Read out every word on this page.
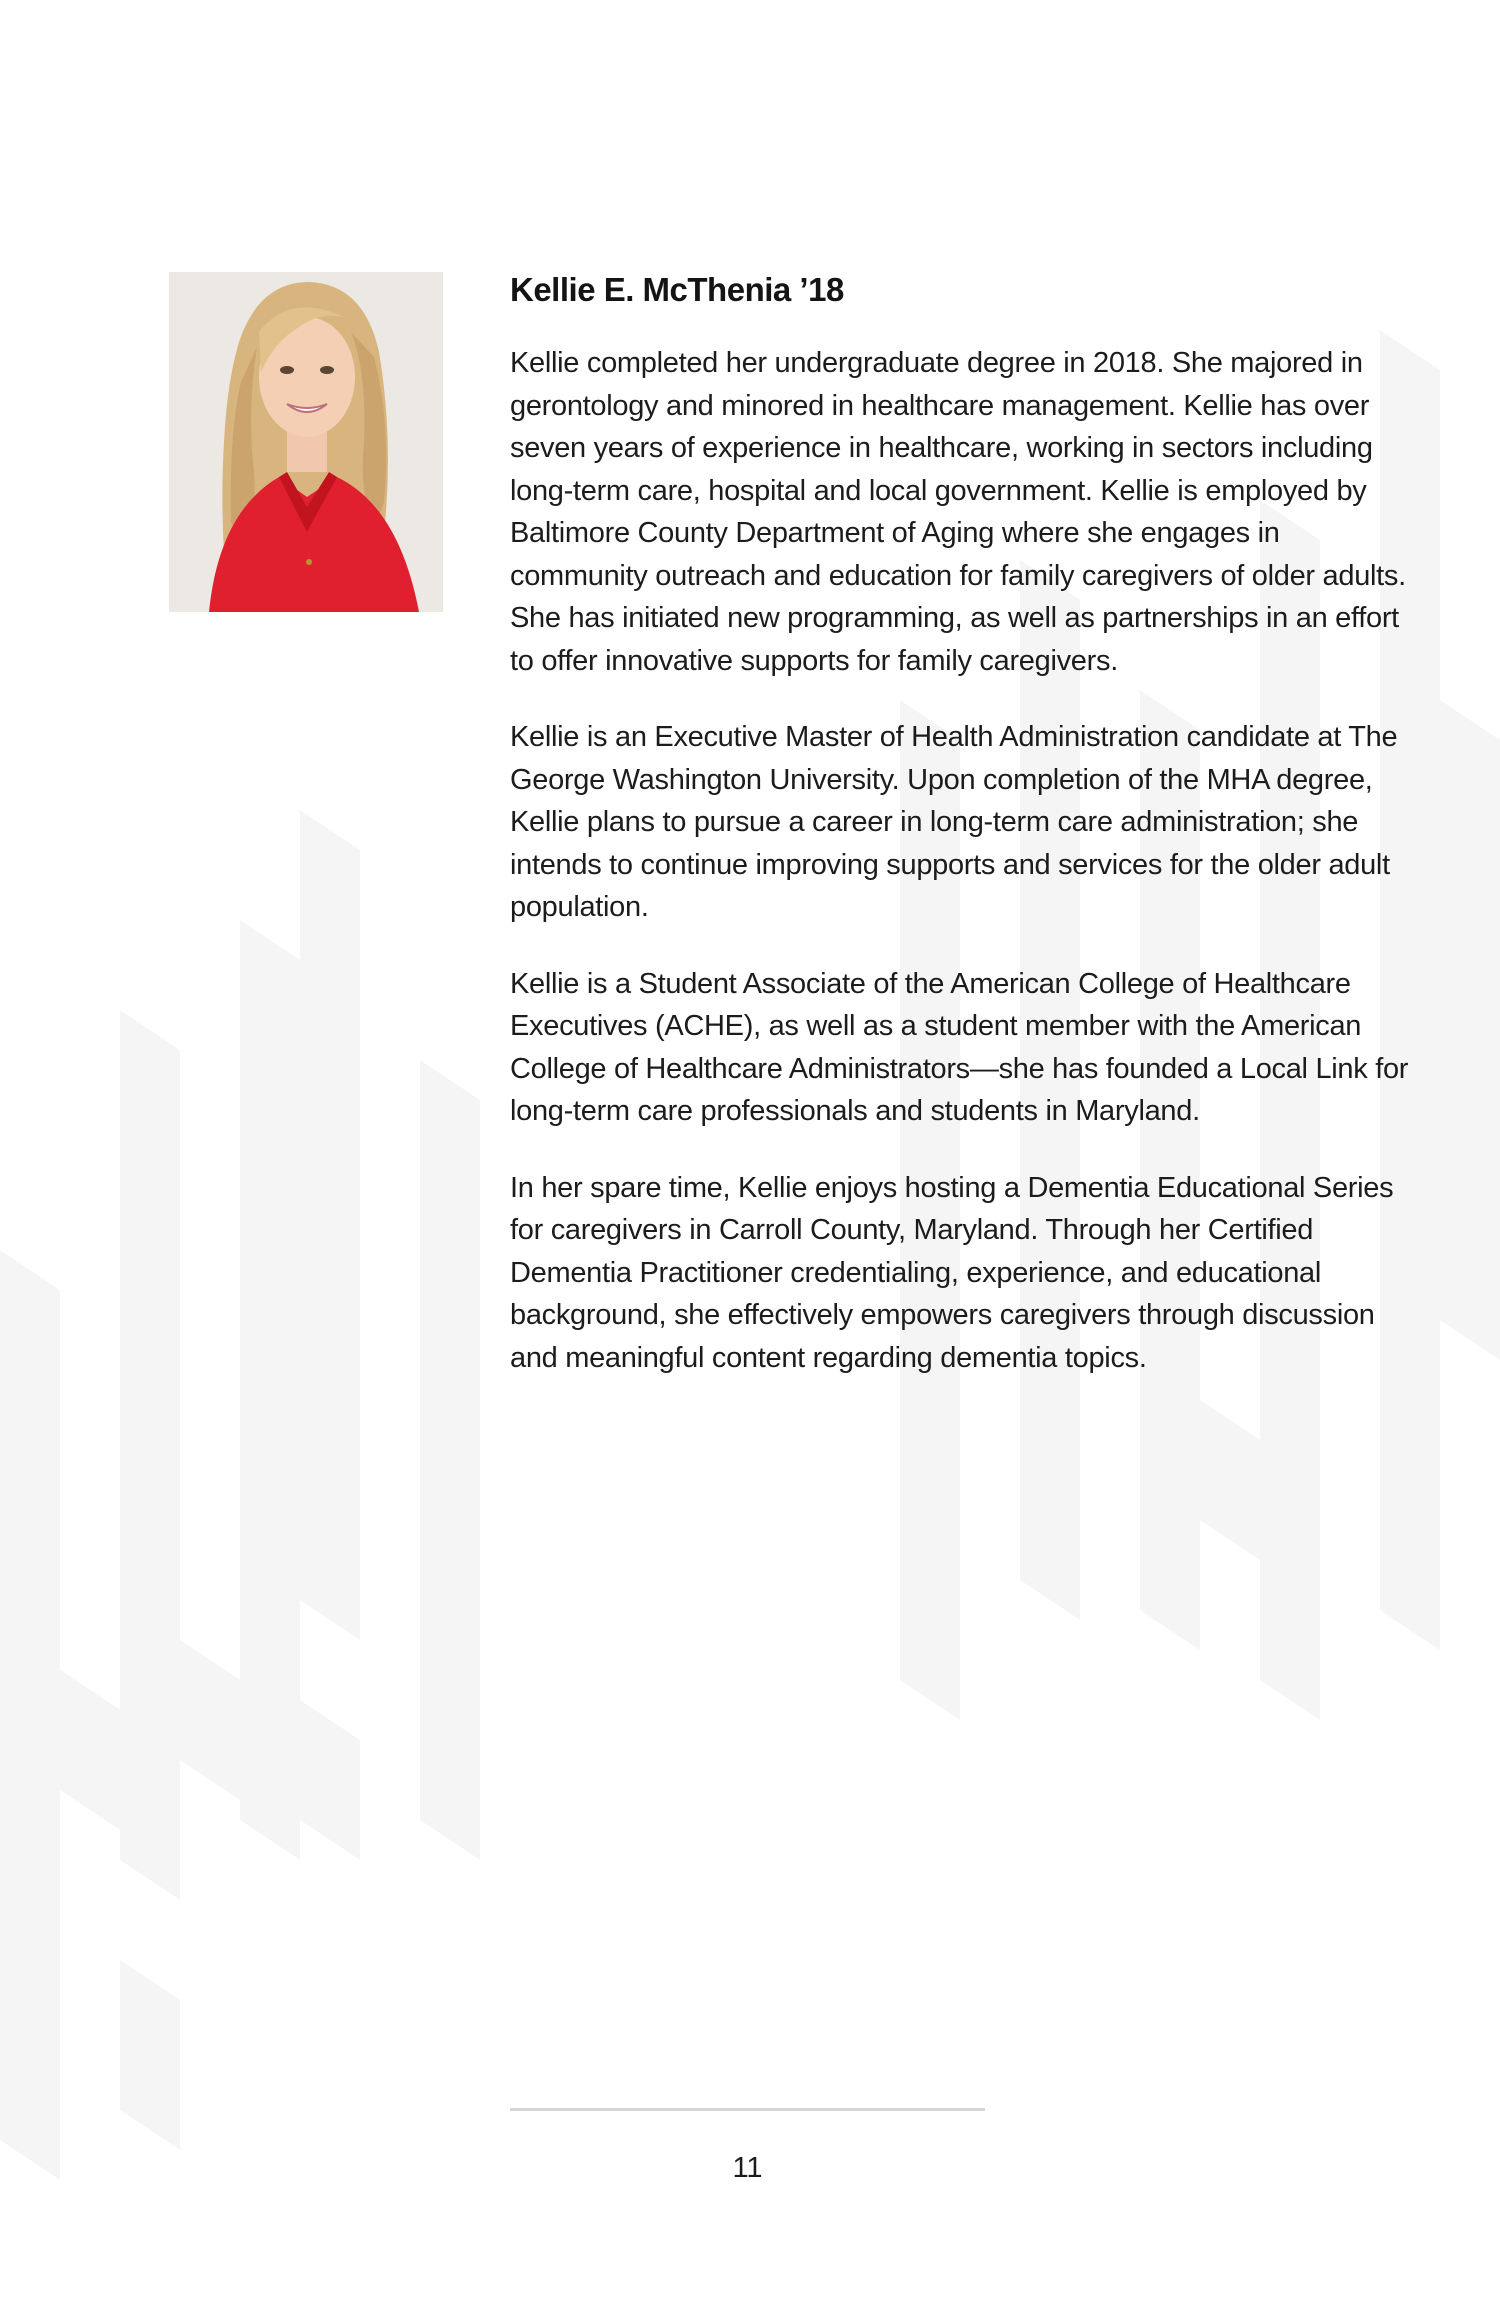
Kellie E. McThenia ’18

Kellie completed her undergraduate degree in 2018. She majored in gerontology and minored in healthcare management. Kellie has over seven years of experience in healthcare, working in sectors including long-term care, hospital and local government. Kellie is employed by Baltimore County Department of Aging where she engages in community outreach and education for family caregivers of older adults. She has initiated new programming, as well as partnerships in an effort to offer innovative supports for family caregivers.

Kellie is an Executive Master of Health Administration candidate at The George Washington University. Upon completion of the MHA degree, Kellie plans to pursue a career in long-term care administration; she intends to continue improving supports and services for the older adult population.

Kellie is a Student Associate of the American College of Healthcare Executives (ACHE), as well as a student member with the American College of Healthcare Administrators—she has founded a Local Link for long-term care professionals and students in Maryland.

In her spare time, Kellie enjoys hosting a Dementia Educational Series for caregivers in Carroll County, Maryland. Through her Certified Dementia Practitioner credentialing, experience, and educational background, she effectively empowers caregivers through discussion and meaningful content regarding dementia topics.

11
